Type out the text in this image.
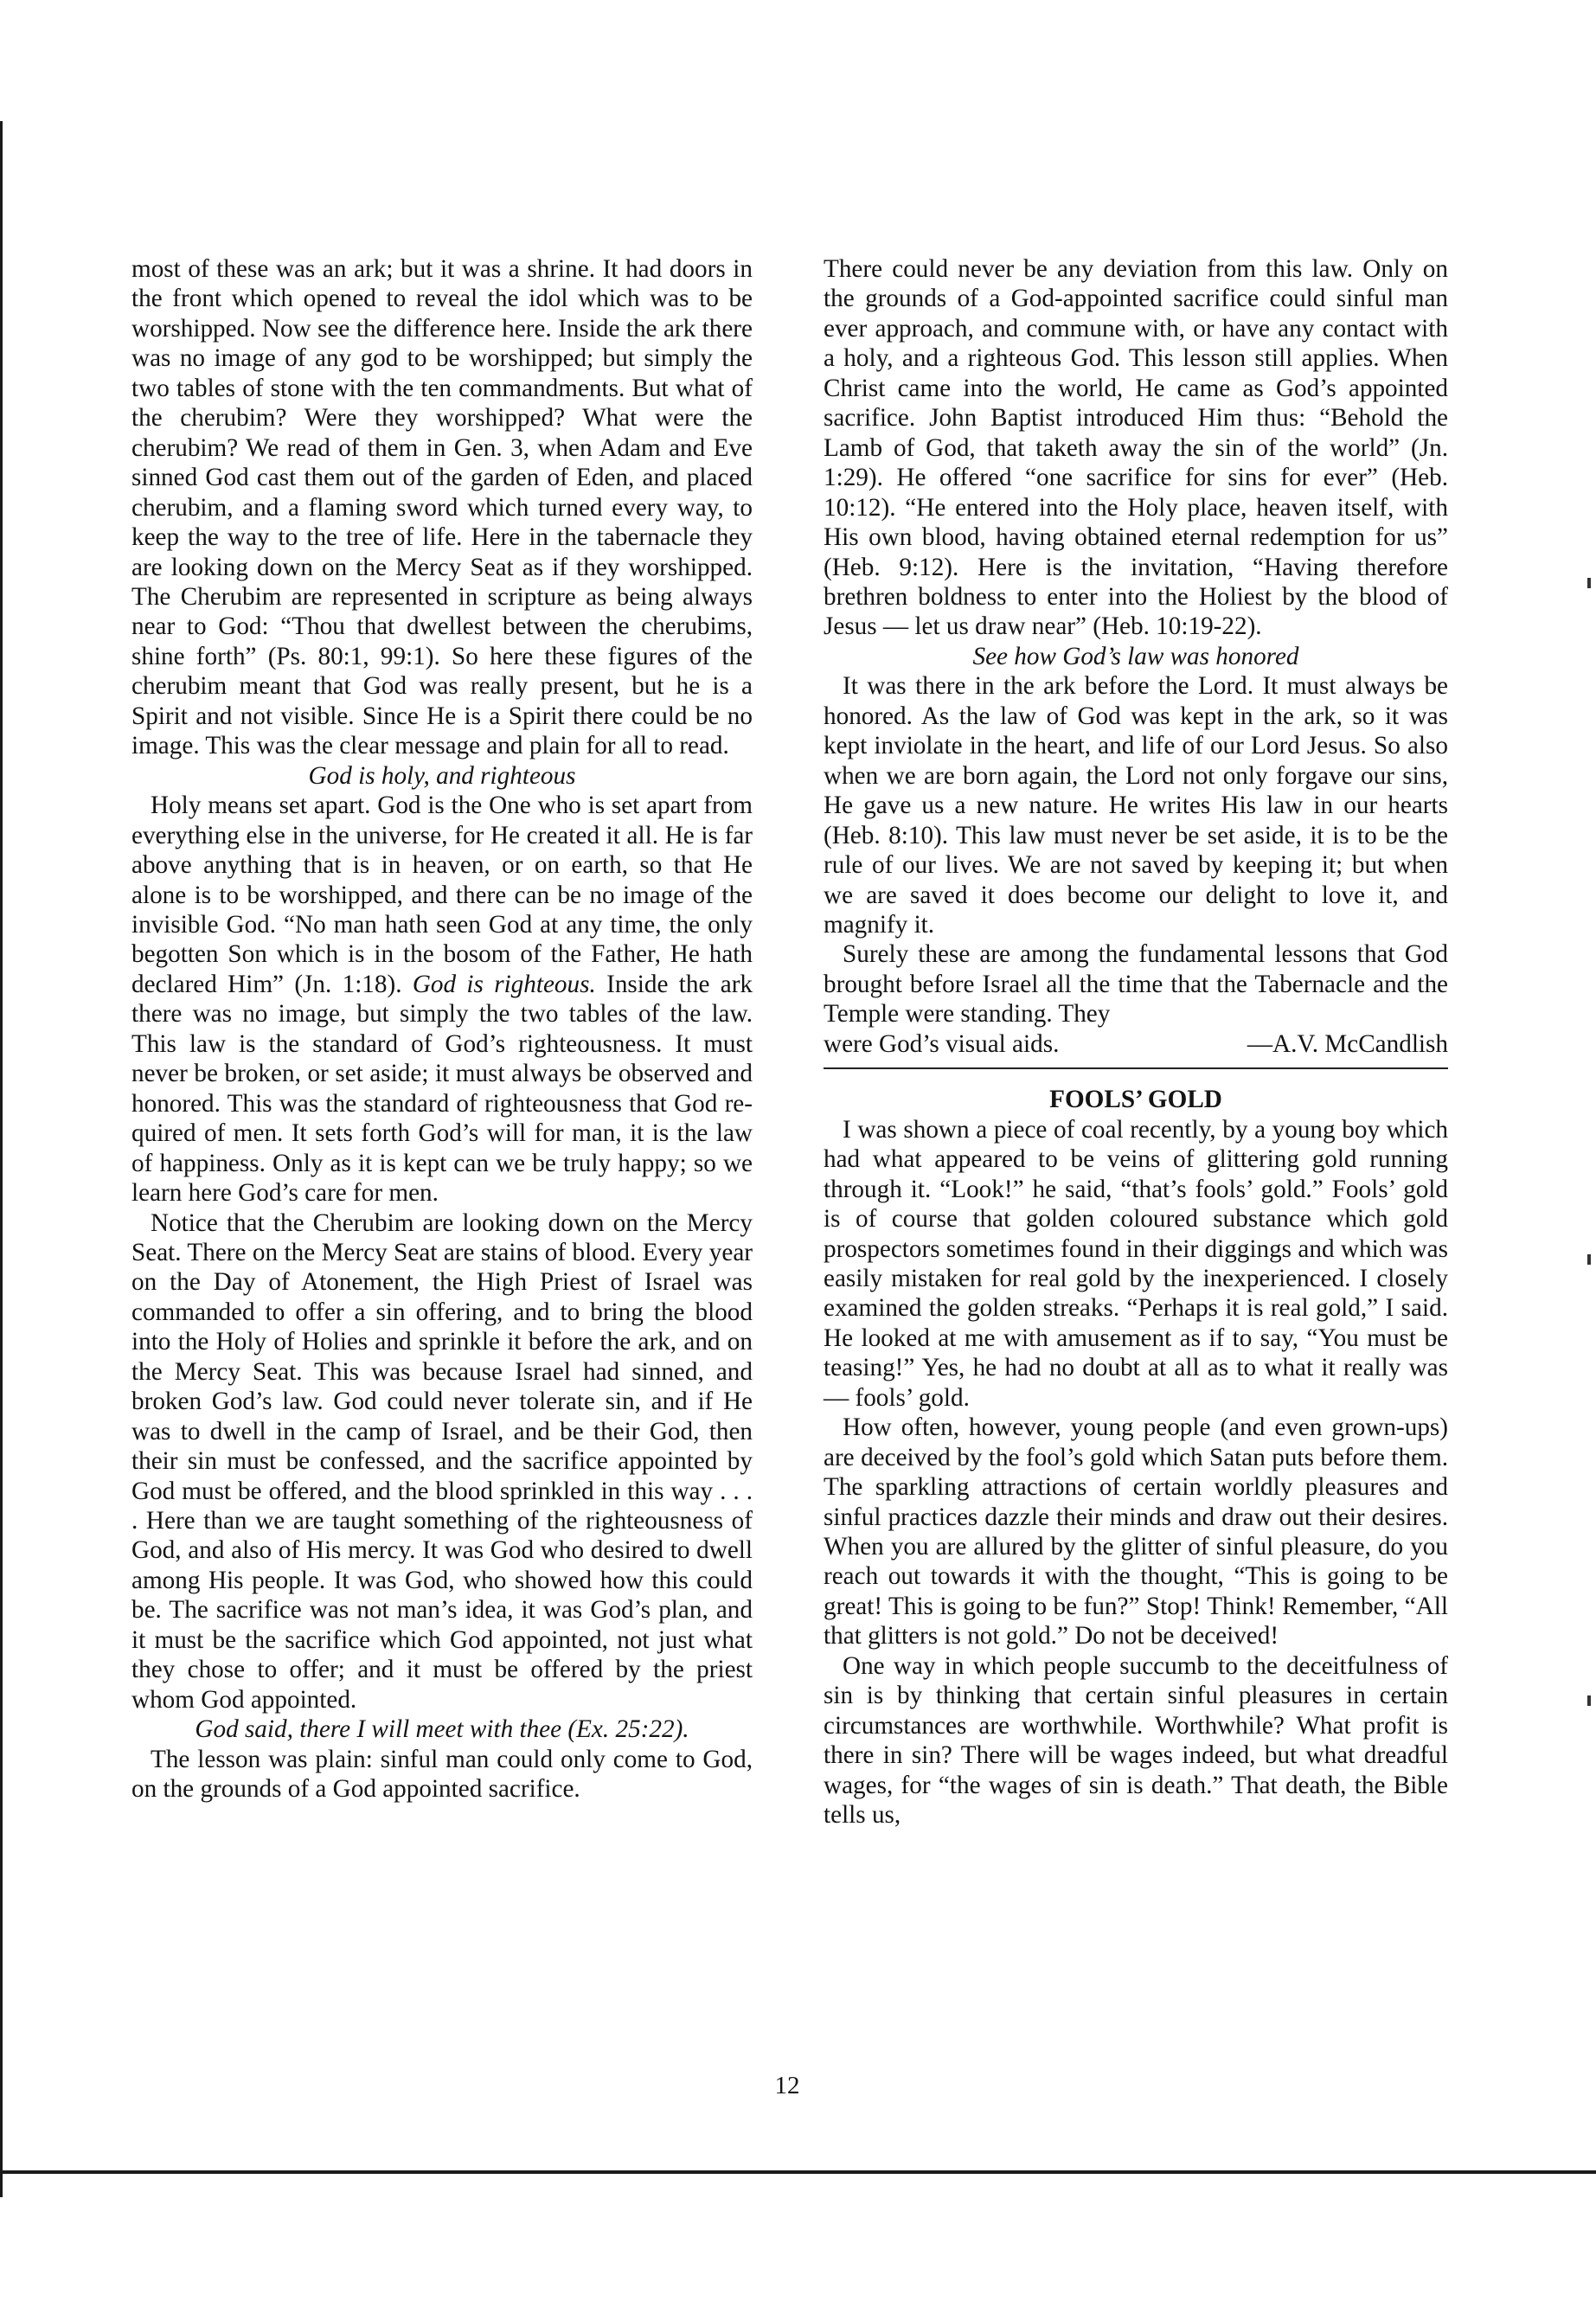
most of these was an ark; but it was a shrine. It had doors in the front which opened to reveal the idol which was to be worshipped. Now see the difference here. Inside the ark there was no image of any god to be worshipped; but simply the two tables of stone with the ten commandments. But what of the cherubim? Were they worshipped? What were the cherubim? We read of them in Gen. 3, when Adam and Eve sinned God cast them out of the garden of Eden, and placed cherubim, and a flaming sword which turned every way, to keep the way to the tree of life. Here in the tabernacle they are looking down on the Mercy Seat as if they worshipped. The Cherubim are represented in scripture as being always near to God: “Thou that dwellest between the cherubims, shine forth” (Ps. 80:1, 99:1). So here these figures of the cherubim meant that God was really present, but he is a Spirit and not visible. Since He is a Spirit there could be no image. This was the clear message and plain for all to read.

God is holy, and righteous

Holy means set apart. God is the One who is set apart from everything else in the universe, for He created it all. He is far above anything that is in heaven, or on earth, so that He alone is to be worshipped, and there can be no image of the invisible God. “No man hath seen God at any time, the only begotten Son which is in the bosom of the Father, He hath declared Him” (Jn. 1:18). God is righteous. Inside the ark there was no image, but simply the two tables of the law. This law is the standard of God’s righteousness. It must never be broken, or set aside; it must always be observed and honored. This was the standard of righteousness that God required of men. It sets forth God’s will for man, it is the law of happiness. Only as it is kept can we be truly happy; so we learn here God’s care for men.

Notice that the Cherubim are looking down on the Mercy Seat. There on the Mercy Seat are stains of blood. Every year on the Day of Atonement, the High Priest of Israel was commanded to offer a sin offering, and to bring the blood into the Holy of Holies and sprinkle it before the ark, and on the Mercy Seat. This was because Israel had sinned, and broken God’s law. God could never tolerate sin, and if He was to dwell in the camp of Israel, and be their God, then their sin must be confessed, and the sacrifice appointed by God must be offered, and the blood sprinkled in this way . . . . Here than we are taught something of the righteousness of God, and also of His mercy. It was God who desired to dwell among His people. It was God, who showed how this could be. The sacrifice was not man’s idea, it was God’s plan, and it must be the sacrifice which God appointed, not just what they chose to offer; and it must be offered by the priest whom God appointed.

God said, there I will meet with thee (Ex. 25:22).

The lesson was plain: sinful man could only come to God, on the grounds of a God appointed sacrifice.

There could never be any deviation from this law. Only on the grounds of a God-appointed sacrifice could sinful man ever approach, and commune with, or have any contact with a holy, and a righteous God. This lesson still applies. When Christ came into the world, He came as God’s appointed sacrifice. John Baptist introduced Him thus: “Behold the Lamb of God, that taketh away the sin of the world” (Jn. 1:29). He offered “one sacrifice for sins for ever” (Heb. 10:12). “He entered into the Holy place, heaven itself, with His own blood, having obtained eternal redemption for us” (Heb. 9:12). Here is the invitation, “Having therefore brethren boldness to enter into the Holiest by the blood of Jesus — let us draw near” (Heb. 10:19-22).

See how God’s law was honored

It was there in the ark before the Lord. It must always be honored. As the law of God was kept in the ark, so it was kept inviolate in the heart, and life of our Lord Jesus. So also when we are born again, the Lord not only forgave our sins, He gave us a new nature. He writes His law in our hearts (Heb. 8:10). This law must never be set aside, it is to be the rule of our lives. We are not saved by keeping it; but when we are saved it does become our delight to love it, and magnify it.

Surely these are among the fundamental lessons that God brought before Israel all the time that the Tabernacle and the Temple were standing. They

were God’s visual aids.	—A.V. McCandlish

FOOLS’ GOLD

I was shown a piece of coal recently, by a young boy which had what appeared to be veins of glittering gold running through it. “Look!” he said, “that’s fools’ gold.” Fools’ gold is of course that golden coloured substance which gold prospectors sometimes found in their diggings and which was easily mistaken for real gold by the inexperienced. I closely examined the golden streaks. “Perhaps it is real gold,” I said. He looked at me with amusement as if to say, “You must be teasing!” Yes, he had no doubt at all as to what it really was — fools’ gold.

How often, however, young people (and even grown-ups) are deceived by the fool’s gold which Satan puts before them. The sparkling attractions of certain worldly pleasures and sinful practices dazzle their minds and draw out their desires. When you are allured by the glitter of sinful pleasure, do you reach out towards it with the thought, “This is going to be great! This is going to be fun?” Stop! Think! Remember, “All that glitters is not gold.” Do not be deceived!

One way in which people succumb to the deceitfulness of sin is by thinking that certain sinful pleasures in certain circumstances are worthwhile. Worthwhile? What profit is there in sin? There will be wages indeed, but what dreadful wages, for “the wages of sin is death.” That death, the Bible tells us,

12
